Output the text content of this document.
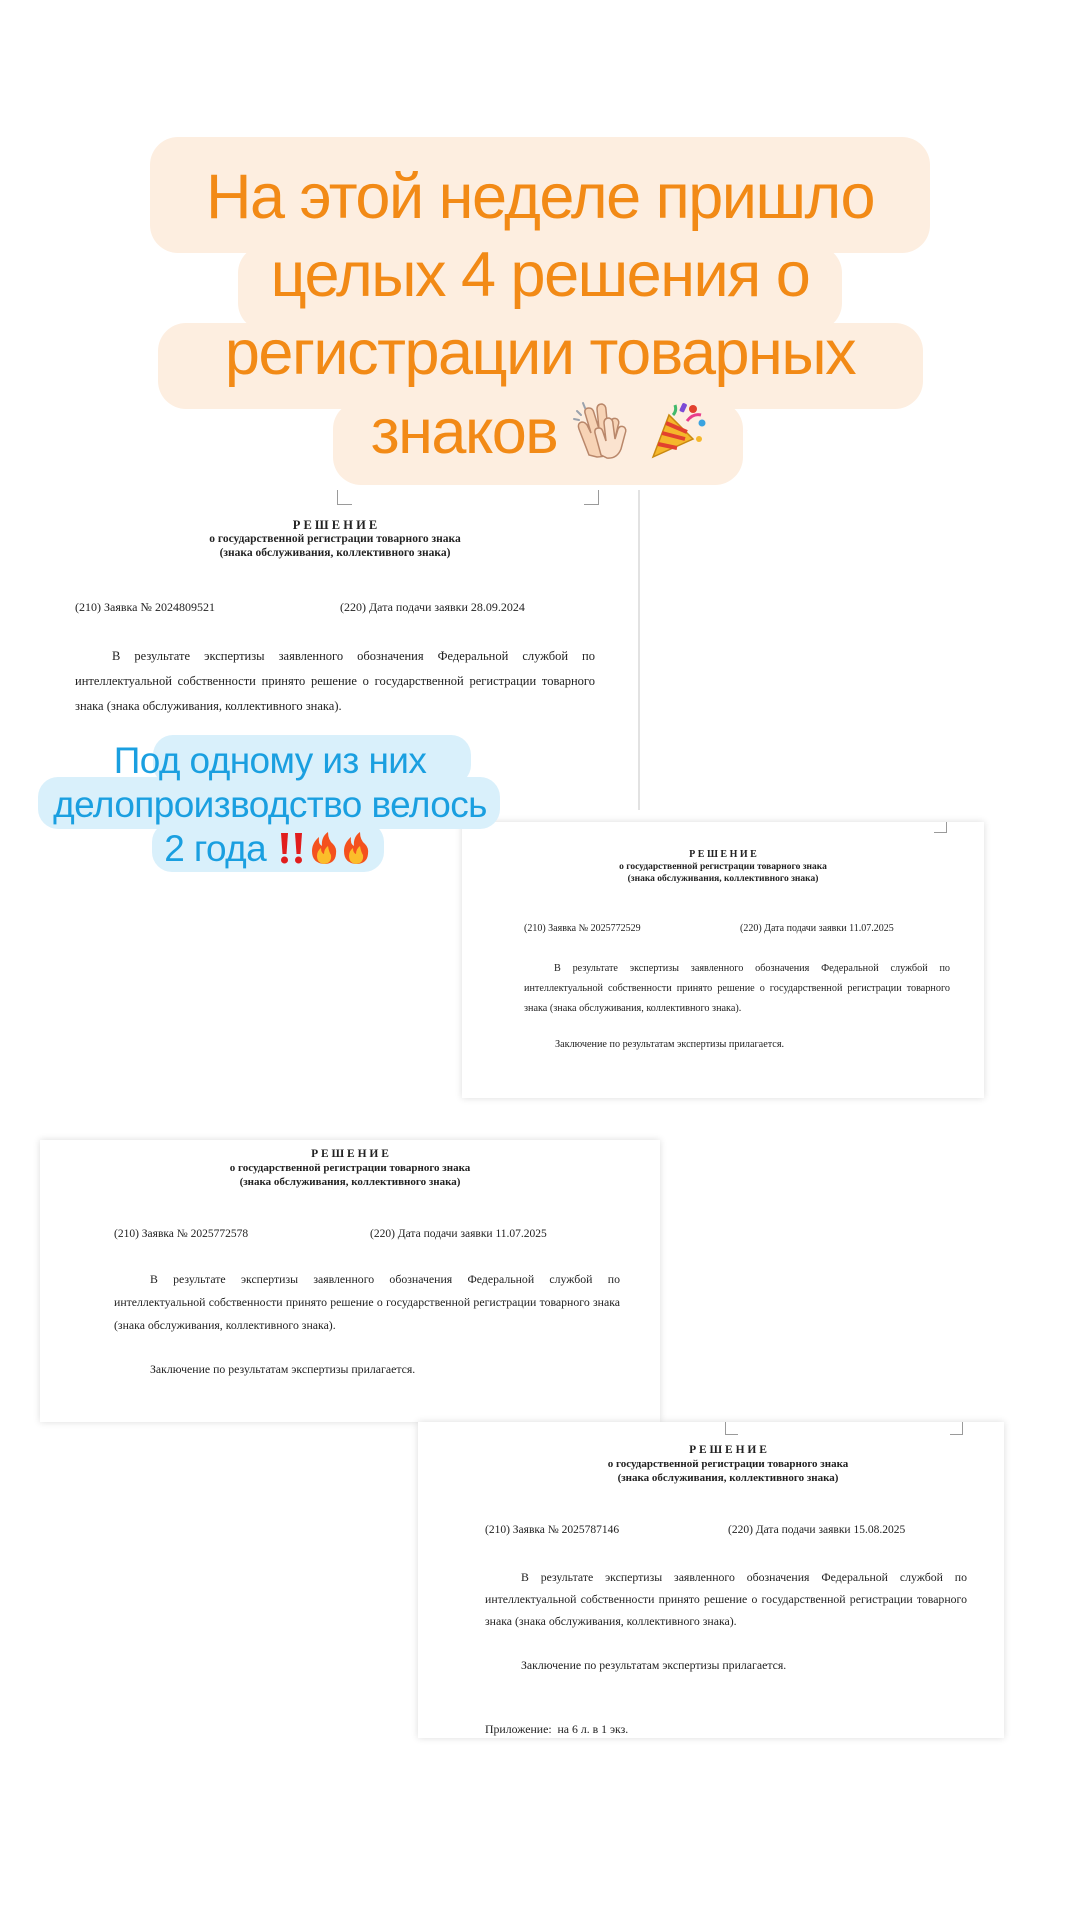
На этой неделе пришло
целых 4 решения о
регистрации товарных
знаков
Р Е Ш Е Н И Е
о государственной регистрации товарного знака
(знака обслуживания, коллективного знака)
(210) Заявка № 2024809521	(220) Дата подачи заявки 28.09.2024
В результате экспертизы заявленного обозначения Федеральной службой по интеллектуальной собственности принято решение о государственной регистрации товарного знака (знака обслуживания, коллективного знака).
Р Е Ш Е Н И Е
о государственной регистрации товарного знака
(знака обслуживания, коллективного знака)
(210) Заявка № 2025772529	(220) Дата подачи заявки 11.07.2025
В результате экспертизы заявленного обозначения Федеральной службой по интеллектуальной собственности принято решение о государственной регистрации товарного знака (знака обслуживания, коллективного знака).
Заключение по результатам экспертизы прилагается.
Р Е Ш Е Н И Е
о государственной регистрации товарного знака
(знака обслуживания, коллективного знака)
(210) Заявка № 2025772578	(220) Дата подачи заявки 11.07.2025
В результате экспертизы заявленного обозначения Федеральной службой по интеллектуальной собственности принято решение о государственной регистрации товарного знака (знака обслуживания, коллективного знака).
Заключение по результатам экспертизы прилагается.
Р Е Ш Е Н И Е
о государственной регистрации товарного знака
(знака обслуживания, коллективного знака)
(210) Заявка № 2025787146	(220) Дата подачи заявки 15.08.2025
В результате экспертизы заявленного обозначения Федеральной службой по интеллектуальной собственности принято решение о государственной регистрации товарного знака (знака обслуживания, коллективного знака).
Заключение по результатам экспертизы прилагается.
Приложение:  на 6 л. в 1 экз.
Под одному из них
делопроизводство велось
2 года
